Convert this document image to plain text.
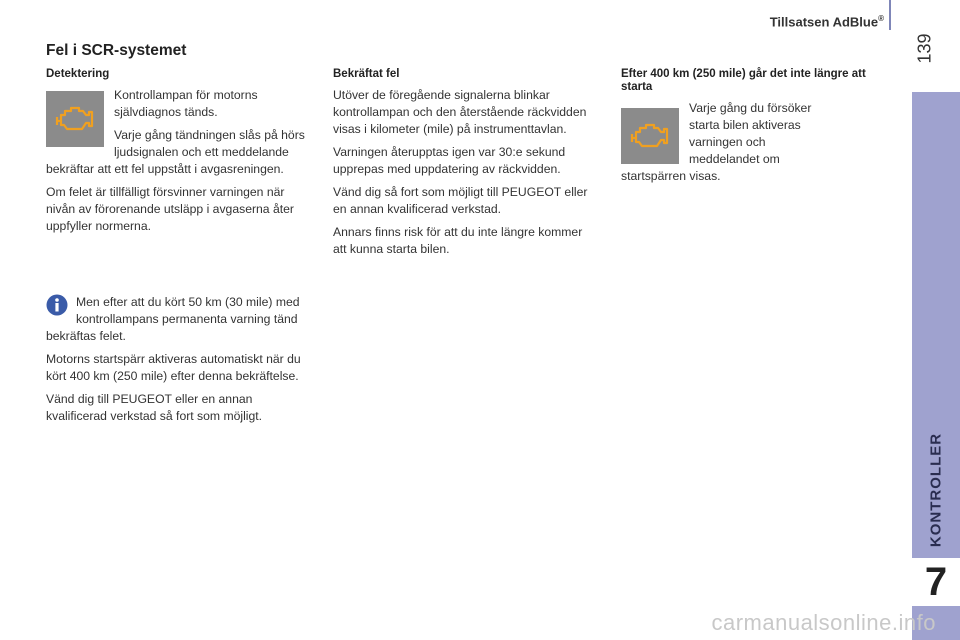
Tillsatsen AdBlue®
139
KONTROLLER
7
Fel i SCR-systemet
Detektering

Kontrollampan för motorns självdiagnos tänds.

Varje gång tändningen slås på hörs ljudsignalen och ett meddelande bekräftar att ett fel uppstått i avgasreningen.

Om felet är tillfälligt försvinner varningen när nivån av förorenande utsläpp i avgaserna åter uppfyller normerna.

Men efter att du kört 50 km (30 mile) med kontrollampans permanenta varning tänd bekräftas felet.

Motorns startspärr aktiveras automatiskt när du kört 400 km (250 mile) efter denna bekräftelse.

Vänd dig till PEUGEOT eller en annan kvalificerad verkstad så fort som möjligt.

Bekräftat fel

Utöver de föregående signalerna blinkar kontrollampan och den återstående räckvidden visas i kilometer (mile) på instrumenttavlan.

Varningen återupptas igen var 30:e sekund upprepas med uppdatering av räckvidden.

Vänd dig så fort som möjligt till PEUGEOT eller en annan kvalificerad verkstad.

Annars finns risk för att du inte längre kommer att kunna starta bilen.

Efter 400 km (250 mile) går det inte längre att starta

Varje gång du försöker starta bilen aktiveras varningen och meddelandet om startspärren visas.

carmanualsonline.info
